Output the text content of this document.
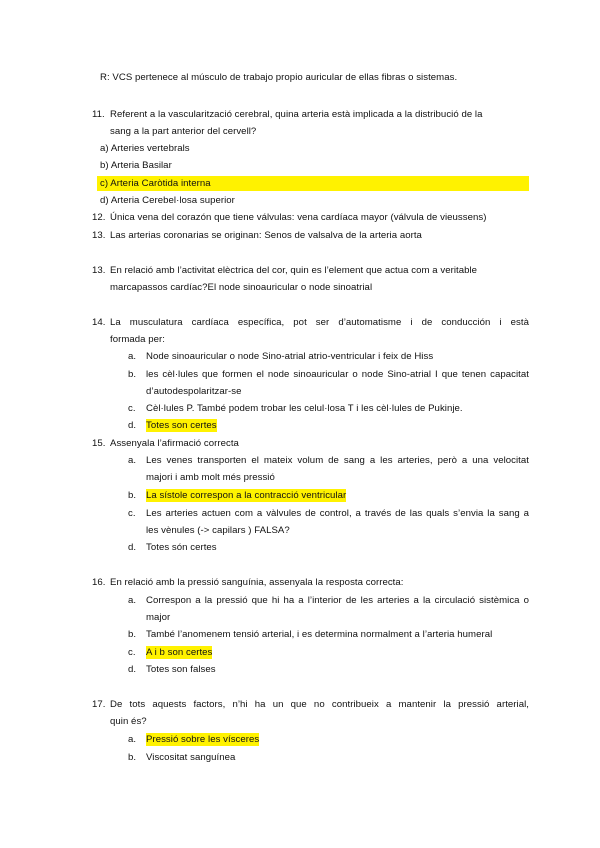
R: VCS pertenece al músculo de trabajo propio auricular de ellas fibras o sistemas.
11. Referent a la vascularització cerebral, quina arteria està implicada a la distribució de la
sang a la part anterior del cervell?
a) Arteries vertebrals
b) Arteria Basilar
c) Arteria Caròtida interna
d) Arteria Cerebel·losa superior
12. Única vena del corazón que tiene válvulas: vena cardíaca mayor (válvula de vieussens)
13. Las arterias coronarias se originan: Senos de valsalva de la arteria aorta
13. En relació amb l’activitat elèctrica del cor, quin es l’element que actua com a veritable
marcapassos cardíac?El node sinoauricular o node sinoatrial
14. La musculatura cardíaca específica, pot ser d’automatisme i de conducción i està
formada per:
a. Node sinoauricular o node Sino-atrial atrio-ventricular i feix de Hiss
b. les cèl·lules que formen el node sinoauricular o node Sino-atrial I que tenen capacitat
d’autodespolaritzar-se
c. Cèl·lules P. També podem trobar les celul·losa T i les cèl·lules de Pukinje.
d. Totes son certes
15. Assenyala l’afirmació correcta
a. Les venes transporten el mateix volum de sang a les arteries, però a una velocitat
majori i amb molt més pressió
b. La sístole correspon a la contracció ventricular
c. Les arteries actuen com a vàlvules de control, a través de las quals s’envia la sang a
les vènules (-> capilars ) FALSA?
d. Totes són certes
16. En relació amb la pressió sanguínia, assenyala la resposta correcta:
a. Correspon a la pressió que hi ha a l’interior de les arteries a la circulació sistèmica o
major
b. També l’anomenem tensió arterial, i es determina normalment a l’arteria humeral
c. A i b son certes
d. Totes son falses
17. De tots aquests factors, n’hi ha un que no contribueix a mantenir la pressió arterial,
quin és?
a. Pressió sobre les vísceres
b. Viscositat sanguínea
